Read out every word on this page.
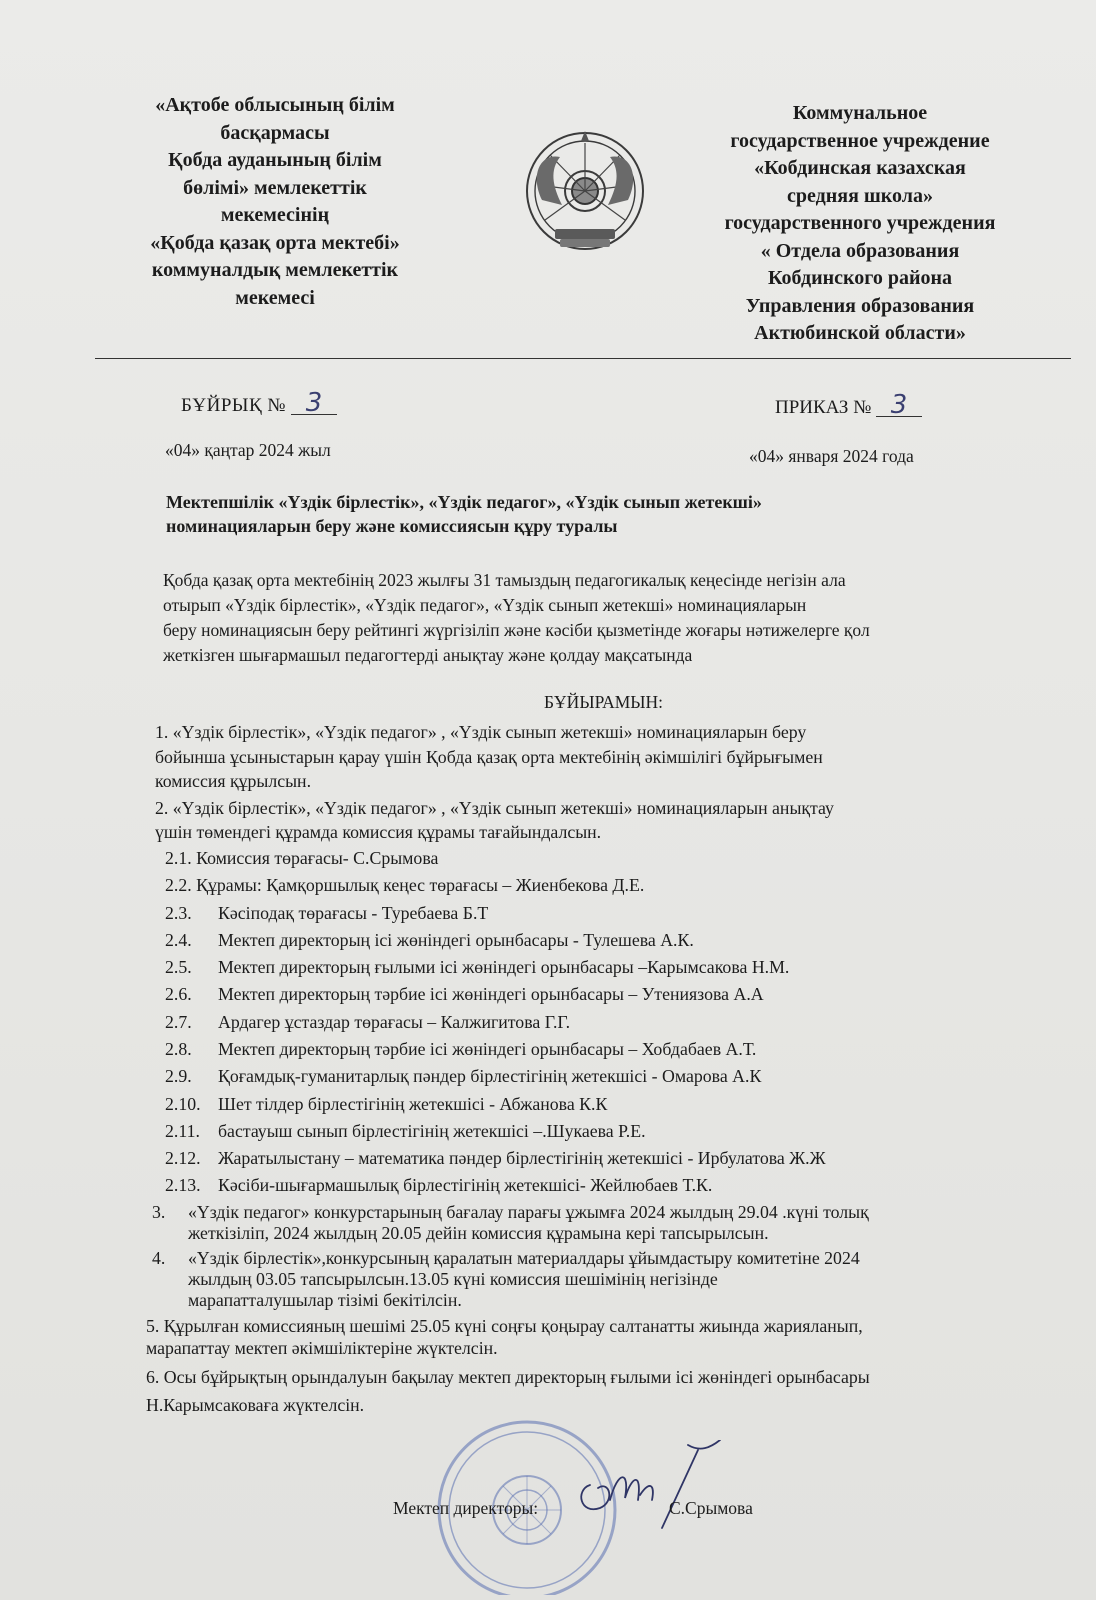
«Ақтобе облысының білім
басқармасы
Қобда ауданының білім
бөлімі» мемлекеттік
мекемесінің
«Қобда қазақ орта мектебі»
коммуналдық мемлекеттік
мекемесі
Коммунальное
государственное учреждение
«Кобдинская казахская
средняя школа»
государственного учреждения
« Отдела образования
Кобдинского района
Управления образования
Актюбинской области»
БҰЙРЫҚ № 3	ПРИКАЗ № 3
«04» қаңтар 2024 жыл	«04» января 2024 года
Мектепшілік «Үздік бірлестік», «Үздік педагог», «Үздік сынып жетекші»
номинацияларын беру және комиссиясын құру туралы
Қобда қазақ орта мектебінің 2023 жылғы 31 тамыздың педагогикалық кеңесінде негізін ала
отырып «Үздік бірлестік», «Үздік педагог», «Үздік сынып жетекші» номинацияларын
беру номинациясын беру рейтингі жүргізіліп және кәсіби қызметінде жоғары нәтижелерге қол
жеткізген шығармашыл педагогтерді анықтау және қолдау мақсатында
БҰЙЫРАМЫН:
1. «Үздік бірлестік», «Үздік педагог» , «Үздік сынып жетекші» номинацияларын беру
бойынша ұсыныстарын қарау үшін Қобда қазақ орта мектебінің әкімшілігі бұйрығымен
комиссия құрылсын.
2. «Үздік бірлестік», «Үздік педагог» , «Үздік сынып жетекші» номинацияларын анықтау
үшін төмендегі құрамда комиссия құрамы тағайындалсын.
2.1. Комиссия төрағасы- С.Срымова
2.2. Құрамы: Қамқоршылық кеңес төрағасы – Жиенбекова Д.Е.
2.3.	Кәсіподақ төрағасы - Туребаева Б.Т
2.4.	Мектеп директорың ісі жөніндегі орынбасары - Тулешева А.К.
2.5.	Мектеп директорың ғылыми ісі жөніндегі орынбасары –Карымсакова Н.М.
2.6.	Мектеп директорың тәрбие ісі жөніндегі орынбасары – Утениязова А.А
2.7.	Ардагер ұстаздар төрағасы – Калжигитова Г.Г.
2.8.	Мектеп директорың тәрбие ісі жөніндегі орынбасары – Хобдабаев А.Т.
2.9.	Қоғамдық-гуманитарлық пәндер бірлестігінің жетекшісі - Омарова А.К
2.10. Шет тілдер бірлестігінің жетекшісі - Абжанова К.К
2.11.	бастауыш сынып бірлестігінің жетекшісі –.Шукаева Р.Е.
2.12. Жаратылыстану – математика пәндер бірлестігінің жетекшісі - Ирбулатова Ж.Ж
2.13. Кәсіби-шығармашылық бірлестігінің жетекшісі- Жейлюбаев Т.К.
3.	«Үздік педагог» конкурстарының бағалау парағы ұжымға 2024 жылдың 29.04 .күні толық
жеткізіліп, 2024 жылдың 20.05 дейін комиссия құрамына кері тапсырылсын.
4.	«Үздік бірлестік»,конкурсының қаралатын материалдары ұйымдастыру комитетіне 2024
жылдың 03.05 тапсырылсын.13.05 күні комиссия шешімінің негізінде
марапатталушылар тізімі бекітілсін.
5. Құрылған комиссияның шешімі 25.05 күні соңғы қоңырау салтанатты жиында жарияланып,
марапаттау мектеп әкімшіліктеріне жүктелсін.
6. Осы бұйрықтың орындалуын бақылау мектеп директорың ғылыми ісі жөніндегі орынбасары
Н.Карымсаковаға жүктелсін.
Мектеп директоры:	С.Срымова
